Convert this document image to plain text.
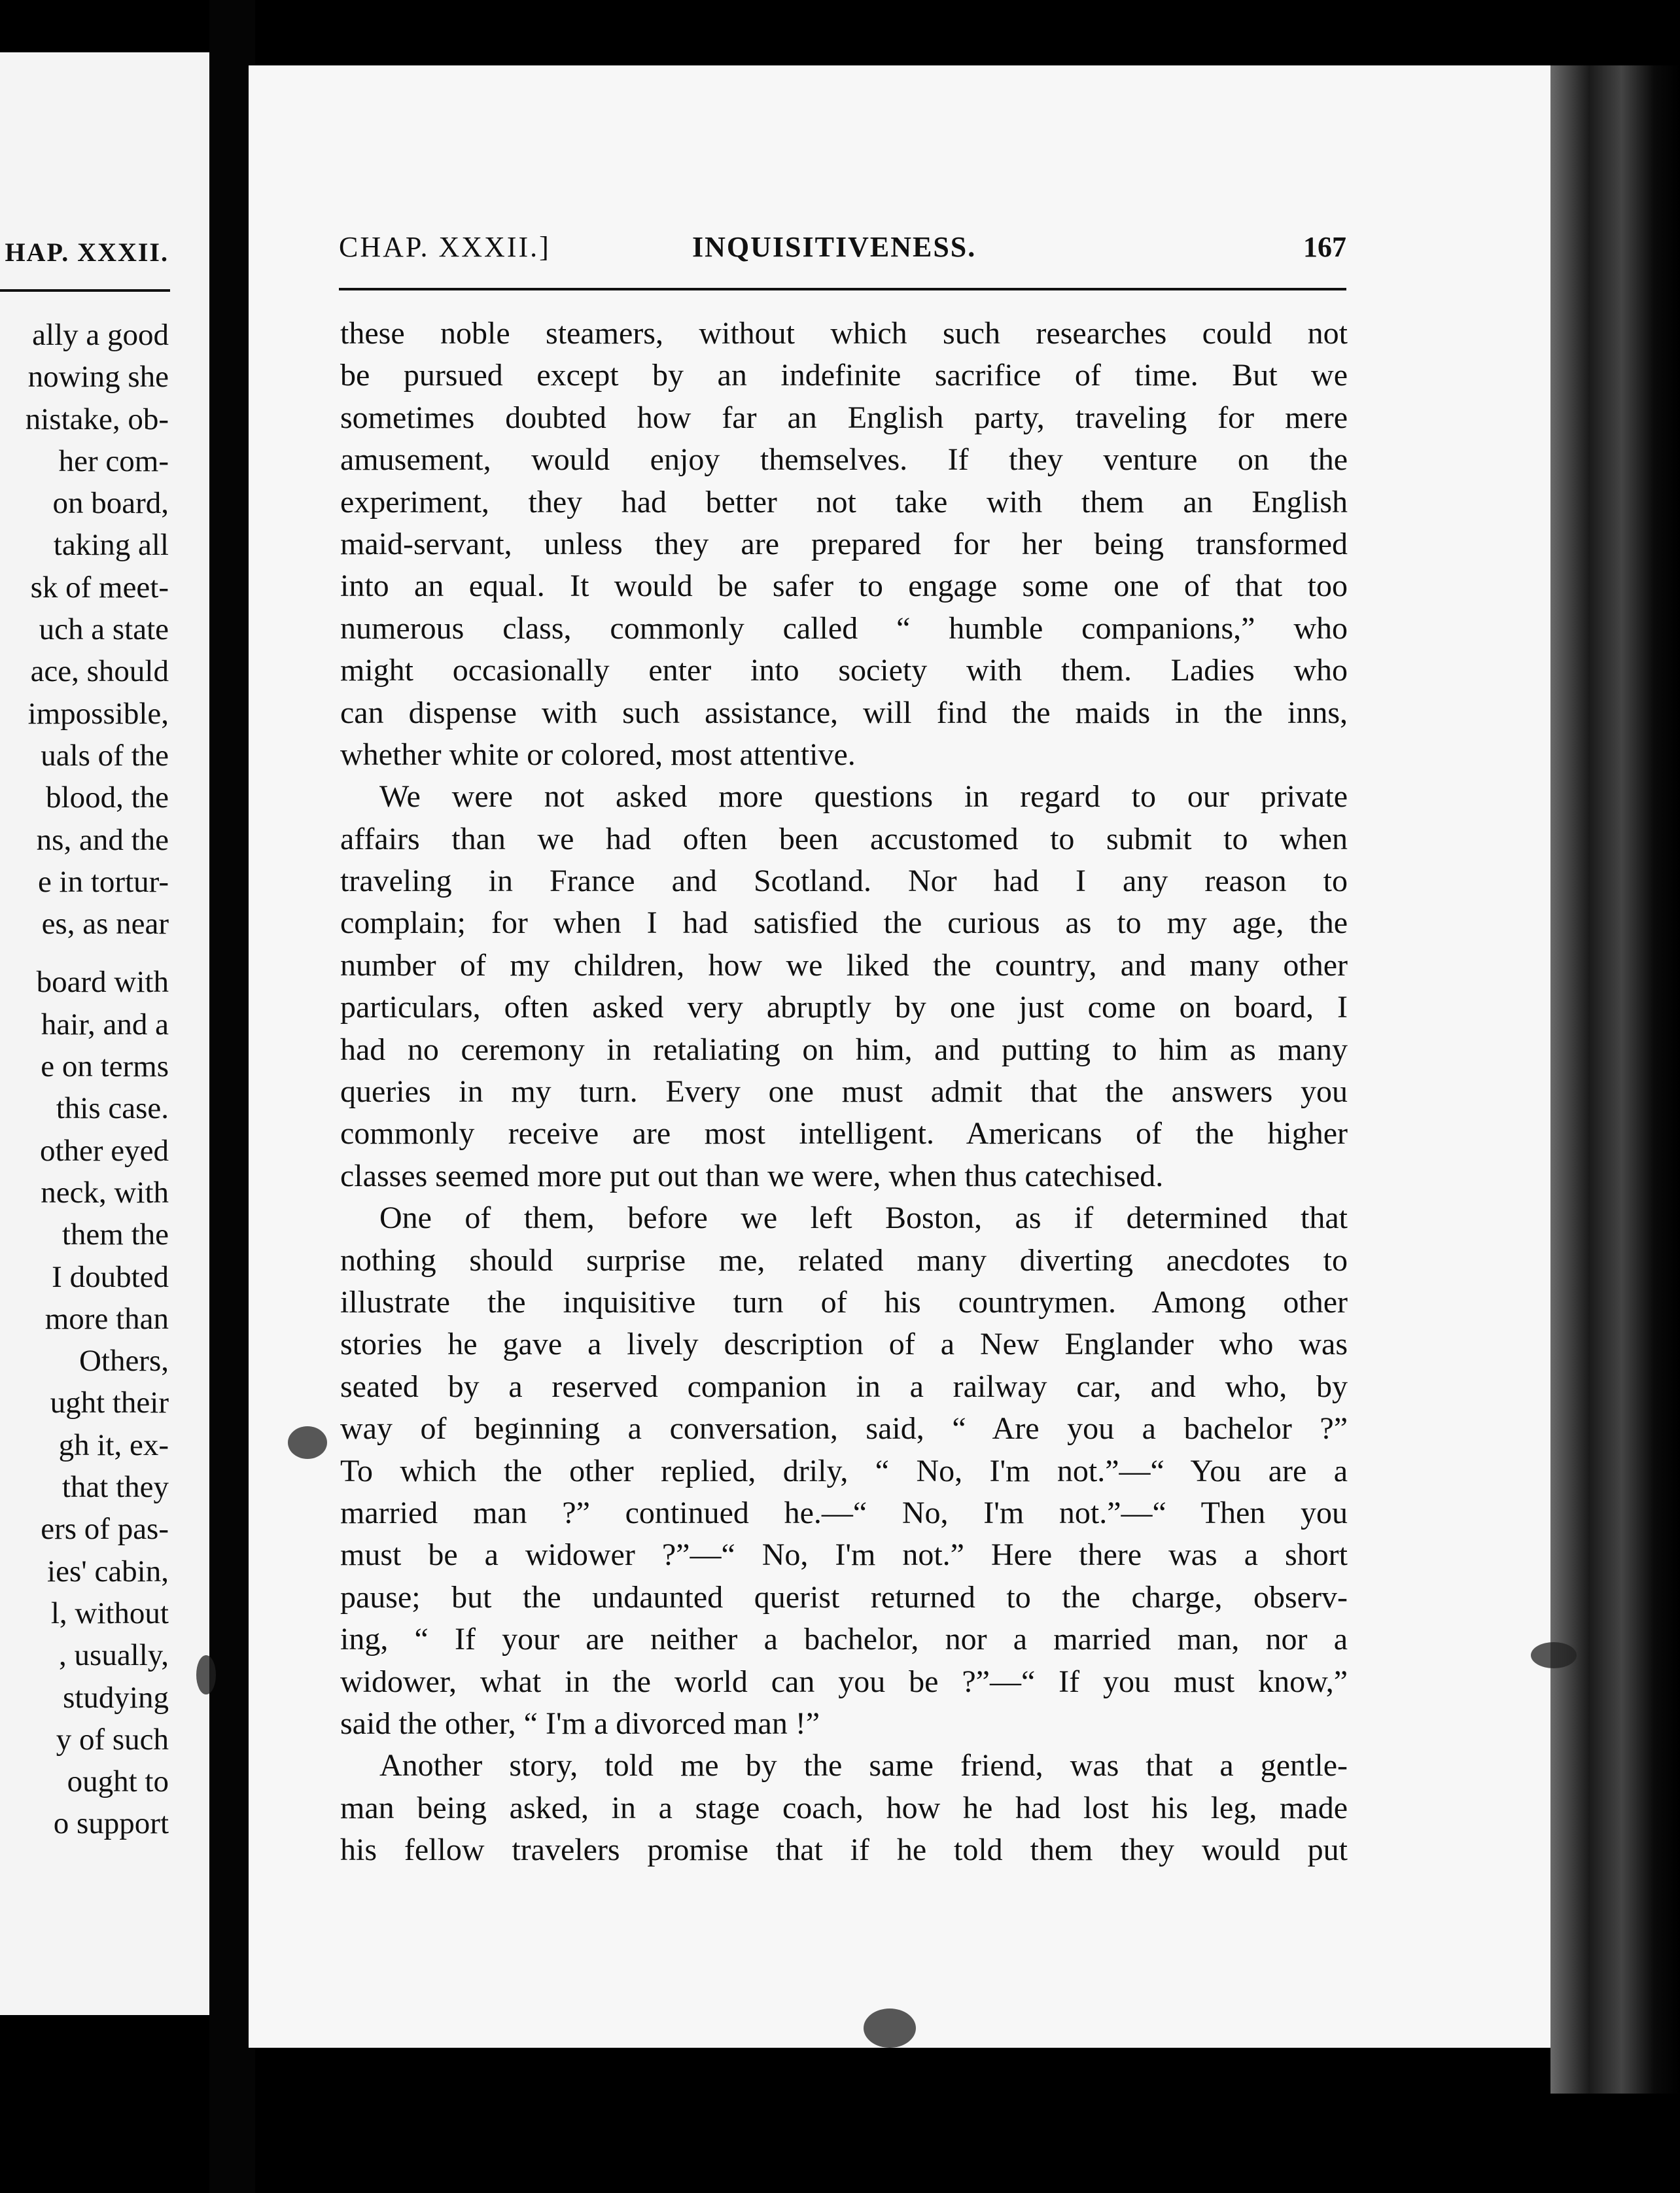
HAP. XXXII.
ally a good
nowing she
nistake, ob-
her com-
on board,
taking all
sk of meet-
uch a state
ace, should
impossible,
uals of the
blood, the
ns, and the
e in tortur-
es, as near
board with
hair, and a
e on terms
this case.
other eyed
neck, with
them the
I doubted
more than
Others,
ught their
gh it, ex-
that they
ers of pas-
ies' cabin,
l, without
, usually,
studying
y of such
ought to
o support
CHAP. XXXII.]	INQUISITIVENESS.	167
these noble steamers, without which such researches could not
be pursued except by an indefinite sacrifice of time. But we
sometimes doubted how far an English party, traveling for mere
amusement, would enjoy themselves. If they venture on the
experiment, they had better not take with them an English
maid-servant, unless they are prepared for her being transformed
into an equal. It would be safer to engage some one of that too
numerous class, commonly called “ humble companions,” who
might occasionally enter into society with them. Ladies who
can dispense with such assistance, will find the maids in the inns,
whether white or colored, most attentive.
We were not asked more questions in regard to our private
affairs than we had often been accustomed to submit to when
traveling in France and Scotland. Nor had I any reason to
complain; for when I had satisfied the curious as to my age, the
number of my children, how we liked the country, and many other
particulars, often asked very abruptly by one just come on board, I
had no ceremony in retaliating on him, and putting to him as many
queries in my turn. Every one must admit that the answers you
commonly receive are most intelligent. Americans of the higher
classes seemed more put out than we were, when thus catechised.
One of them, before we left Boston, as if determined that
nothing should surprise me, related many diverting anecdotes to
illustrate the inquisitive turn of his countrymen. Among other
stories he gave a lively description of a New Englander who was
seated by a reserved companion in a railway car, and who, by
way of beginning a conversation, said, “ Are you a bachelor ?”
To which the other replied, drily, “ No, I'm not.”—“ You are a
married man ?” continued he.—“ No, I'm not.”—“ Then you
must be a widower ?”—“ No, I'm not.” Here there was a short
pause; but the undaunted querist returned to the charge, observ-
ing, “ If your are neither a bachelor, nor a married man, nor a
widower, what in the world can you be ?”—“ If you must know,”
said the other, “ I'm a divorced man !”
Another story, told me by the same friend, was that a gentle-
man being asked, in a stage coach, how he had lost his leg, made
his fellow travelers promise that if he told them they would put
